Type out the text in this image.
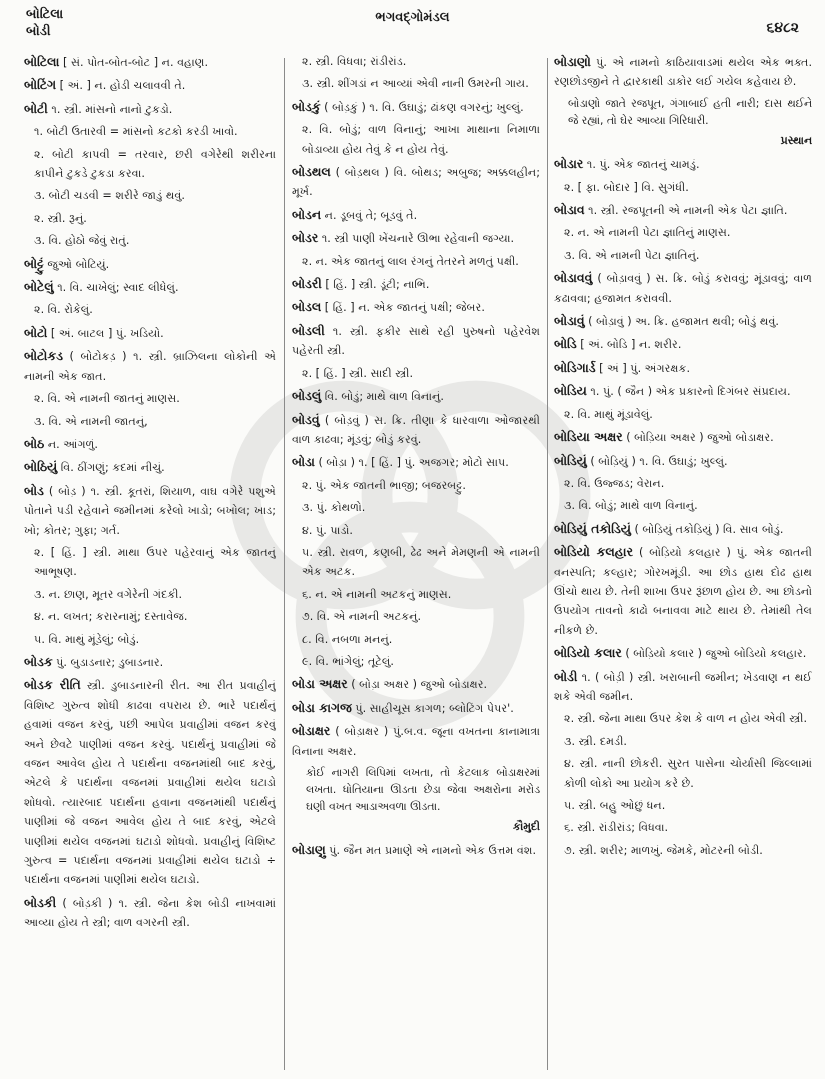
બોટિલા
બોડી
ભગવદ્ગોમંડલ
૬૪૮૨
બોટિલા [ સં. પોત-બોત-બોટ ] ન. વહાણ.
બોટિંગ [ અં. ] ન. હોડી ચલાવવી તે.
બોટી ૧. સ્ત્રી. માંસનો નાનો ટુકડો.
૧. બોટી ઉતારવી = માંસનો કટકો કરડી ખાવો.
૨. બોટી કાપવી = તરવાર, છરી વગેરેથી શરીરના કાપીને ટુકડે ટુકડા કરવા.
૩. બોટી ચડવી = શરીરે જાડું થવું.
૨. સ્ત્રી. રૂનું.
૩. વિ. હોઠો જેવું રાતું.
બોટ્ટું જુઓ બોટિયું.
બોટેલું ૧. વિ. ચાખેલું; સ્વાદ લીધેલું.
૨. વિ. રોકેલું.
બોટો [ અં. બાટલ ] પું. ખડિયો.
બોટોકડ ( બોટોકડ઼ ) ૧. સ્ત્રી. બ્રાઝિલના લોકોની એ નામની એક જાત.
૨. વિ. એ નામની જાતનું માણસ.
૩. વિ. એ નામની જાતનું,
બોઠ ન. આંગળું.
બોઠિયું વિ. ઠીંગણું; કદમાં નીચું.
બોડ ( બોડ઼ ) ૧. સ્ત્રી. કૂતરાં, શિયાળ, વાઘ વગેરે પશુએ પોતાને પડી રહેવાને જમીનમાં કરેલો ખાડો; બખોલ; ખાડ; ખો; કોતર; ગુફા; ગર્ત.
૨. [ હિં. ] સ્ત્રી. માથા ઉપર પહેરવાનું એક જાતનું આભૂષણ.
૩. ન. છાણ, મૂતર વગેરેની ગંદકી.
૪. ન. લખત; કરારનામું; દસ્તાવેજ.
૫. વિ. માથું મૂંડેલું; બોડું.
બોડક પું. બુડાડનાર; ડુબાડનાર.
બોડક રીતિ સ્ત્રી. ડુબાડનારની રીત. આ રીત પ્રવાહીનું વિશિષ્ટ ગુરુત્વ શોધી કાઢવા વપરાય છે. ભારે પદાર્થનું હવામાં વજન કરવું, પછી આપેલ પ્રવાહીમાં વજન કરવું અને છેવટે પાણીમાં વજન કરવું. પદાર્થનું પ્રવાહીમાં જે વજન આવેલ હોય તે પદાર્થના વજનમાંથી બાદ કરવું, એટલે કે પદાર્થના વજનમાં પ્રવાહીમાં થયેલ ઘટાડો શોધવો. ત્યારબાદ પદાર્થના હવાના વજનમાંથી પદાર્થનું પાણીમાં જે વજન આવેલ હોય તે બાદ કરવું, એટલે પાણીમાં થયેલ વજનમાં ઘટાડો શોધવો. પ્રવાહીનું વિશિષ્ટ ગુરુત્વ = પદાર્થના વજનમાં પ્રવાહીમાં થયેલ ઘટાડો ÷ પદાર્થના વજનમાં પાણીમાં થયેલ ઘટાડો.
બોડકી ( બોડ઼કી ) ૧. સ્ત્રી. જેના કેશ બોડી નાખવામાં આવ્યા હોય તે સ્ત્રી; વાળ વગરની સ્ત્રી.
૨. સ્ત્રી. વિધવા; રાંડીરાંડ.
૩. સ્ત્રી. શીંગડાં ન આવ્યાં એવી નાની ઉમરની ગાય.
બોડકું ( બોડ઼કું ) ૧. વિ. ઉઘાડું; ઢાંકણ વગરનું; ખુલ્લું.
૨. વિ. બોડું; વાળ વિનાનું; આખા માથાના નિમાળા બોડાવ્યા હોય તેવું કે ન હોય તેવું.
બોડથલ ( બોડ઼થલ ) વિ. બોથડ; અબુજ; અક્કલહીન; મૂર્ખ.
બોડન ન. ડૂબવું તે; બૂડવું તે.
બોડર ૧. સ્ત્રી પાણી ખેંચનારે ઊભા રહેવાની જગ્યા.
૨. ન. એક જાતનું લાલ રંગનું તેતરને મળતું પક્ષી.
બોડરી [ હિં. ] સ્ત્રી. ડૂંટી; નાભિ.
બોડલ [ હિં. ] ન. એક જાતનું પક્ષી; જેબર.
બોડલી ૧. સ્ત્રી. ફકીર સાથે રહી પુરુષનો પહેરવેશ પહેરતી સ્ત્રી.
૨. [ હિં. ] સ્ત્રી. સાદી સ્ત્રી.
બોડલું વિ. બોડું; માથે વાળ વિનાનું.
બોડવું ( બોડ઼વું ) સ. ક્રિ. તીણા કે ધારવાળા ઓજારથી વાળ કાઢવા; મૂંડવું; બોડું કરવું.
બોડા ( બોડ઼ા ) ૧. [ હિં. ] પું. અજગર; મોટો સાપ.
૨. પું. એક જાતની ભાજી; બજરબટ્ટુ.
૩. પું. કોથળો.
૪. પું. પાડો.
૫. સ્ત્રી. રાવળ, કણબી, ઢેઢ અને મેમણની એ નામની એક અટક.
૬. ન. એ નામની અટકનું માણસ.
૭. વિ. એ નામની અટકનું.
૮. વિ. નબળા મનનું.
૯. વિ. ભાંગેલું; તૂટેલું.
બોડા અક્ષર ( બોડ઼ા અક્ષર ) જુઓ બોડાક્ષર.
બોડા કાગજ પું. સાહીચૂસ કાગળ; બ્લોટિંગ પેપર'.
બોડાક્ષર ( બોડ઼ાક્ષર ) પું.બ.વ. જૂના વખતના કાનામાત્રા વિનાના અક્ષર.
કોઈ નાગરી લિપિમાં લખતા, તો કેટલાક બોડાક્ષરમાં લખતા. ધોતિયાના ઊડતા છેડા જેવા અક્ષરોના મરોડ ઘણી વખત આડાઅવળા ઊડતા.
કૌમુદી
બોડાણુ પું. જૈન મત પ્રમાણે એ નામનો એક ઉત્તમ વંશ.
બોડાણો પું. એ નામનો કાઠિયાવાડમાં થયેલ એક ભક્ત. રણછોડજીને તે દ્વારકાથી ડાકોર લઈ ગયેલ કહેવાય છે.
બોડાણો જાતે રજપૂત, ગંગાબાઈ હતી નારી; દાસ થઈને જે રહ્યાં, તો ઘેર આવ્યા ગિરિધારી.
પ્રસ્થાન
બોડાર ૧. પું. એક જાતનું ચામડું.
૨. [ ફા. બોદાર ] વિ. સુગંધી.
બોડાવ ૧. સ્ત્રી. રજપૂતની એ નામની એક પેટા જ્ઞાતિ.
૨. ન. એ નામની પેટા જ્ઞાતિનું માણસ.
૩. વિ. એ નામની પેટા જ્ઞાતિનું.
બોડાવવું ( બોડ઼ાવવું ) સ. ક્રિ. બોડું કરાવવું; મૂંડાવવું; વાળ કઢાવવા; હજામત કરાવવી.
બોડાવું ( બોડ઼ાવું ) અ. ક્રિ. હજામત થવી; બોડું થવું.
બોડિ [ અં. બોડિ ] ન. શરીર.
બોડિગાર્ડ [ અં ] પું. અંગરક્ષક.
બોડિય ૧. પું. ( જૈન ) એક પ્રકારનો દિગંબર સંપ્રદાય.
૨. વિ. માથું મૂંડાવેલું.
બોડિયા અક્ષર ( બોડ઼િયા અક્ષર ) જુઓ બોડાક્ષર.
બોડિયું ( બોડ઼િયું ) ૧. વિ. ઉઘાડું; ખુલ્લું.
૨. વિ. ઉજ્જડ; વેરાન.
૩. વિ. બોડું; માથે વાળ વિનાનું.
બોડિયું તકોડિયું ( બોડ઼િયું તકોડ઼િયું ) વિ. સાવ બોડું.
બોડિયો કલહાર ( બોડ઼િયો કલહાર ) પું. એક જાતની વનસ્પતિ; કલ્હાર; ગોરખમૂંડી. આ છોડ હાથ દોઢ હાથ ઊંચો થાય છે. તેની શાખા ઉપર રૂંછાળ હોય છે. આ છોડનો ઉપયોગ તાવનો કાઢો બનાવવા માટે થાય છે. તેમાંથી તેલ નીકળે છે.
બોડિયો કલાર ( બોડ઼િયો કલાર ) જુઓ બોડિયો કલહાર.
બોડી ૧. ( બોડ઼ી ) સ્ત્રી. ખરાબાની જમીન; ખેડવાણ ન થઈ શકે એવી જમીન.
૨. સ્ત્રી. જેના માથા ઉપર કેશ કે વાળ ન હોય એવી સ્ત્રી.
૩. સ્ત્રી. દમડી.
૪. સ્ત્રી. નાની છોકરી. સુરત પાસેના ચોર્યાસી જિલ્લામાં કોળી લોકો આ પ્રયોગ કરે છે.
૫. સ્ત્રી. બહુ ઓછું ધન.
૬. સ્ત્રી. રાંડીરાંડ; વિધવા.
૭. સ્ત્રી. શરીર; માળખું. જેમકે, મોટરની બોડી.
